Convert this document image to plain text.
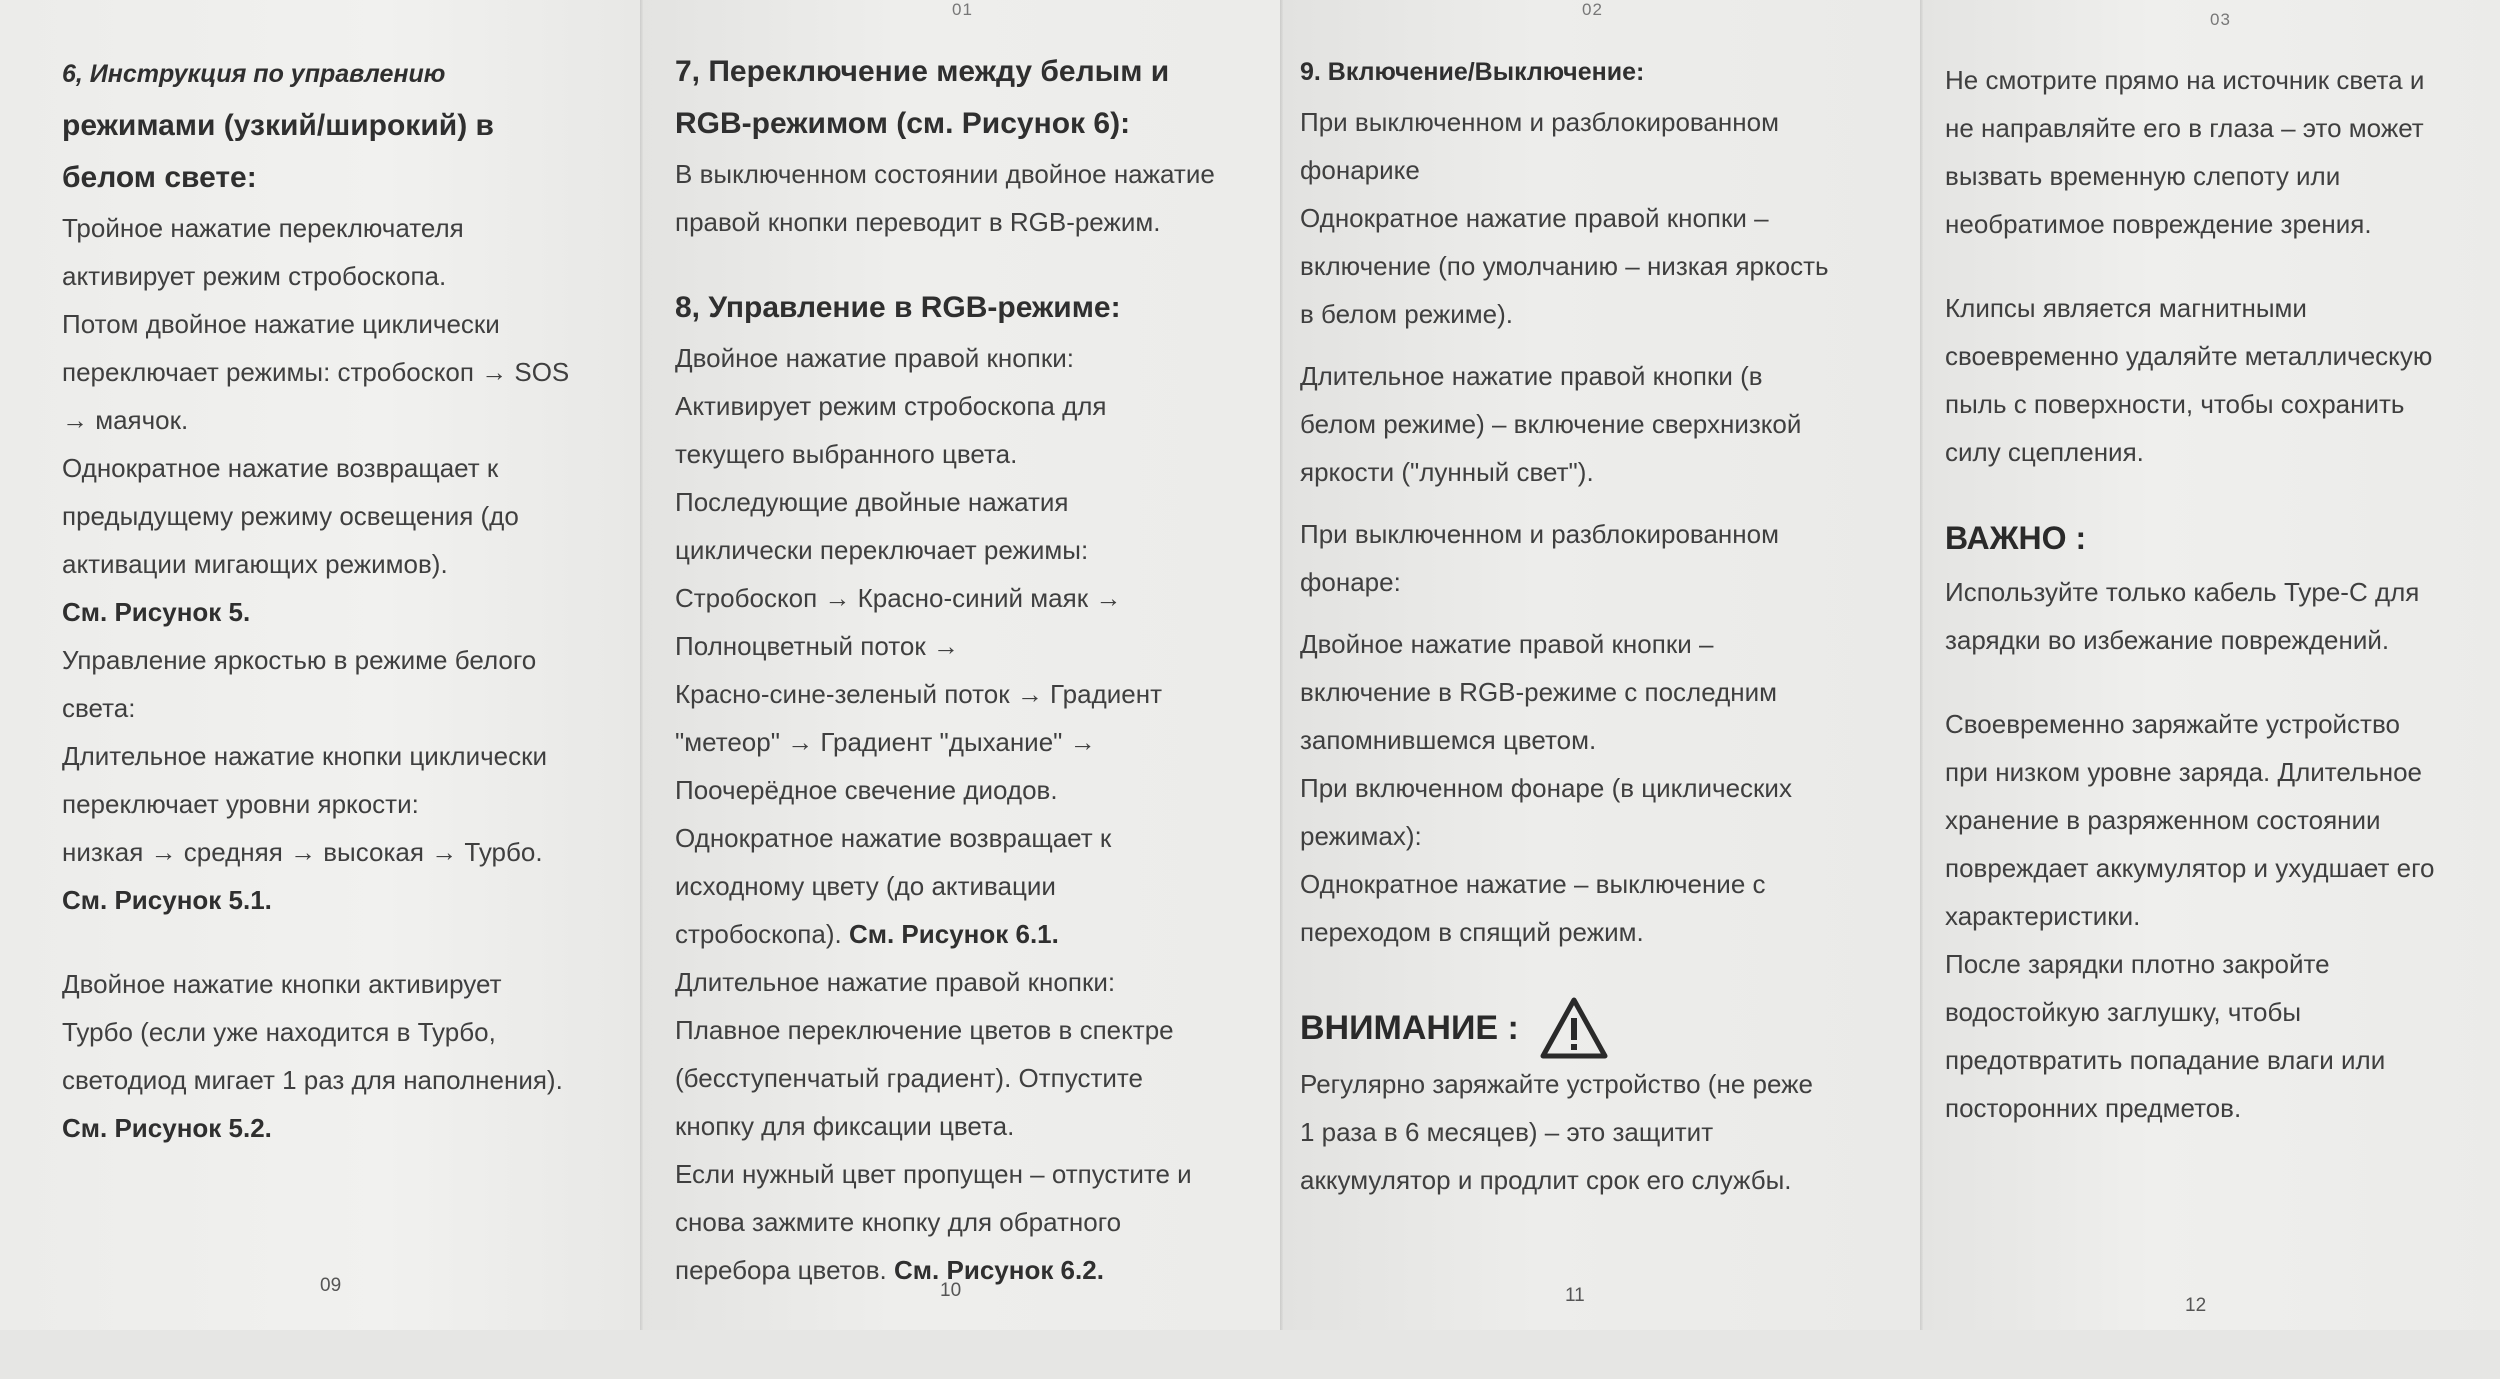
01	02
03

6, Инструкция по управлению

режимами (узкий/широкий) в

белом свете:

Тройное нажатие переключателя

активирует режим стробоскопа.

Потом двойное нажатие циклически

переключает режимы: стробоскоп → SOS

→ маячок.

Однократное нажатие возвращает к

предыдущему режиму освещения (до

активации мигающих режимов).

См. Рисунок 5.

Управление яркостью в режиме белого

света:

Длительное нажатие кнопки циклически

переключает уровни яркости:

низкая → средняя → высокая → Турбо.

См. Рисунок 5.1.

Двойное нажатие кнопки активирует

Турбо (если уже находится в Турбо,

светодиод мигает 1 раз для наполнения).

См. Рисунок 5.2.

09

7, Переключение между белым и

RGB-режимом (см. Рисунок 6):

В выключенном состоянии двойное нажатие

правой кнопки переводит в RGB-режим.

8, Управление в RGB-режиме:

Двойное нажатие правой кнопки:

Активирует режим стробоскопа для

текущего выбранного цвета.

Последующие двойные нажатия

циклически переключает режимы:

Стробоскоп → Красно-синий маяк →

Полноцветный поток →

Красно-сине-зеленый поток → Градиент

"метеор" → Градиент "дыхание" →

Поочерёдное свечение диодов.

Однократное нажатие возвращает к

исходному цвету (до активации

стробоскопа). См. Рисунок 6.1.

Длительное нажатие правой кнопки:

Плавное переключение цветов в спектре

(бесступенчатый градиент). Отпустите

кнопку для фиксации цвета.

Если нужный цвет пропущен – отпустите и

снова зажмите кнопку для обратного

перебора цветов. См. Рисунок 6.2.

10

9. Включение/Выключение:

При выключенном и разблокированном

фонарике

Однократное нажатие правой кнопки –

включение (по умолчанию – низкая яркость

в белом режиме).

Длительное нажатие правой кнопки (в

белом режиме) – включение сверхнизкой

яркости ("лунный свет").

При выключенном и разблокированном

фонаре:

Двойное нажатие правой кнопки –

включение в RGB-режиме с последним

запомнившемся цветом.

При включенном фонаре (в циклических

режимах):

Однократное нажатие – выключение с

переходом в спящий режим.

ВНИМАНИЕ :

Регулярно заряжайте устройство (не реже

1 раза в 6 месяцев) – это защитит

аккумулятор и продлит срок его службы.

11

Не смотрите прямо на источник света и

не направляйте его в глаза – это может

вызвать временную слепоту или

необратимое повреждение зрения.

Клипсы является магнитными

своевременно удаляйте металлическую

пыль с поверхности, чтобы сохранить

силу сцепления.

ВАЖНО :

Используйте только кабель Type-C для

зарядки во избежание повреждений.

Своевременно заряжайте устройство

при низком уровне заряда. Длительное

хранение в разряженном состоянии

повреждает аккумулятор и ухудшает его

характеристики.

После зарядки плотно закройте

водостойкую заглушку, чтобы

предотвратить попадание влаги или

посторонних предметов.

12
